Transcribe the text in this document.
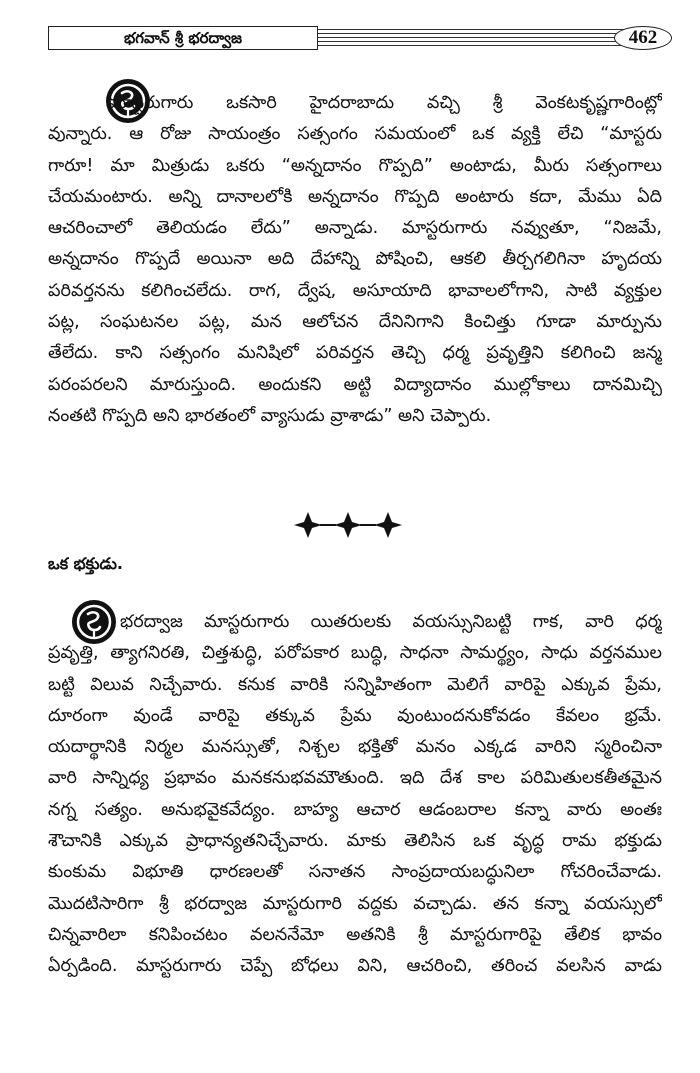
భగవాన్ శ్రీ భరద్వాజ	462
మాస్టరుగారు ఒకసారి హైదరాబాదు వచ్చి శ్రీ వెంకటకృష్ణగారింట్లో
వున్నారు. ఆ రోజు సాయంత్రం సత్సంగం సమయంలో ఒక వ్యక్తి లేచి “మాస్టరు
గారూ! మా మిత్రుడు ఒకరు “అన్నదానం గొప్పది” అంటాడు, మీరు సత్సంగాలు
చేయమంటారు. అన్ని దానాలలోకి అన్నదానం గొప్పది అంటారు కదా, మేము ఏది
ఆచరించాలో తెలియడం లేదు” అన్నాడు. మాస్టరుగారు నవ్వుతూ, “నిజమే,
అన్నదానం గొప్పదే అయినా అది దేహాన్ని పోషించి, ఆకలి తీర్చగలిగినా హృదయ
పరివర్తనను కలిగించలేదు. రాగ, ద్వేష, అసూయాది భావాలలోగాని, సాటి వ్యక్తుల
పట్ల, సంఘటనల పట్ల, మన ఆలోచన దేనినిగాని కించిత్తు గూడా మార్పును
తేలేదు. కాని సత్సంగం మనిషిలో పరివర్తన తెచ్చి ధర్మ ప్రవృత్తిని కలిగించి జన్మ
పరంపరలని మారుస్తుంది. అందుకని అట్టి విద్యాదానం ముల్లోకాలు దానమిచ్చి
నంతటి గొప్పది అని భారతంలో వ్యాసుడు వ్రాశాడు” అని చెప్పారు.
ఒక భక్తుడు.
భరద్వాజ మాస్టరుగారు యితరులకు వయస్సునిబట్టి గాక, వారి ధర్మ
ప్రవృత్తి, త్యాగనిరతి, చిత్తశుద్ధి, పరోపకార బుద్ధి, సాధనా సామర్థ్యం, సాధు వర్తనముల
బట్టి విలువ నిచ్చేవారు. కనుక వారికి సన్నిహితంగా మెలిగే వారిపై ఎక్కువ ప్రేమ,
దూరంగా వుండే వారిపై తక్కువ ప్రేమ వుంటుందనుకోవడం కేవలం భ్రమే.
యదార్థానికి నిర్మల మనస్సుతో, నిశ్చల భక్తితో మనం ఎక్కడ వారిని స్మరించినా
వారి సాన్నిధ్య ప్రభావం మనకనుభవమౌతుంది. ఇది దేశ కాల పరిమితులకతీతమైన
నగ్న సత్యం. అనుభవైకవేద్యం. బాహ్య ఆచార ఆడంబరాల కన్నా వారు అంతః
శౌచానికి ఎక్కువ ప్రాధాన్యతనిచ్చేవారు. మాకు తెలిసిన ఒక వృద్ధ రామ భక్తుడు
కుంకుమ విభూతి ధారణలతో సనాతన సాంప్రదాయబద్ధునిలా గోచరించేవాడు.
మొదటిసారిగా శ్రీ భరద్వాజ మాస్టరుగారి వద్దకు వచ్చాడు. తన కన్నా వయస్సులో
చిన్నవారిలా కనిపించటం వలననేమో అతనికి శ్రీ మాస్టరుగారిపై తేలిక భావం
ఏర్పడింది. మాస్టరుగారు చెప్పే బోధలు విని, ఆచరించి, తరించ వలసిన వాడు
